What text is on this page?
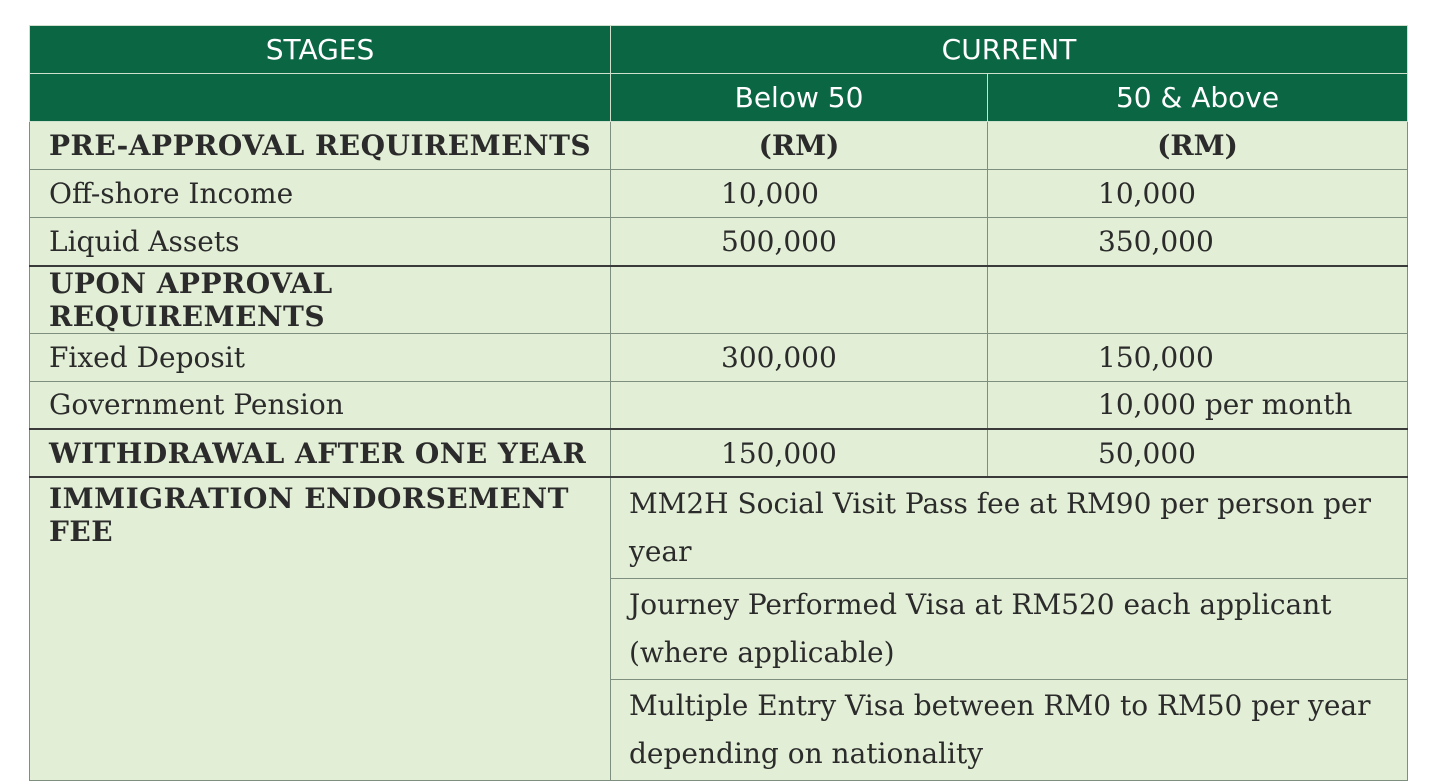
STAGES	CURRENT	
	Below 50	50 & Above
PRE-APPROVAL REQUIREMENTS	(RM)	(RM)
Off-shore Income	10,000	10,000
Liquid Assets	500,000	350,000
UPON APPROVAL REQUIREMENTS		
Fixed Deposit	300,000	150,000
Government Pension		10,000 per month
WITHDRAWAL AFTER ONE YEAR	150,000	50,000
IMMIGRATION ENDORSEMENT FEE	MM2H Social Visit Pass fee at RM90 per person per year	
	Journey Performed Visa at RM520 each applicant (where applicable)	
	Multiple Entry Visa between RM0 to RM50 per year depending on nationality	
